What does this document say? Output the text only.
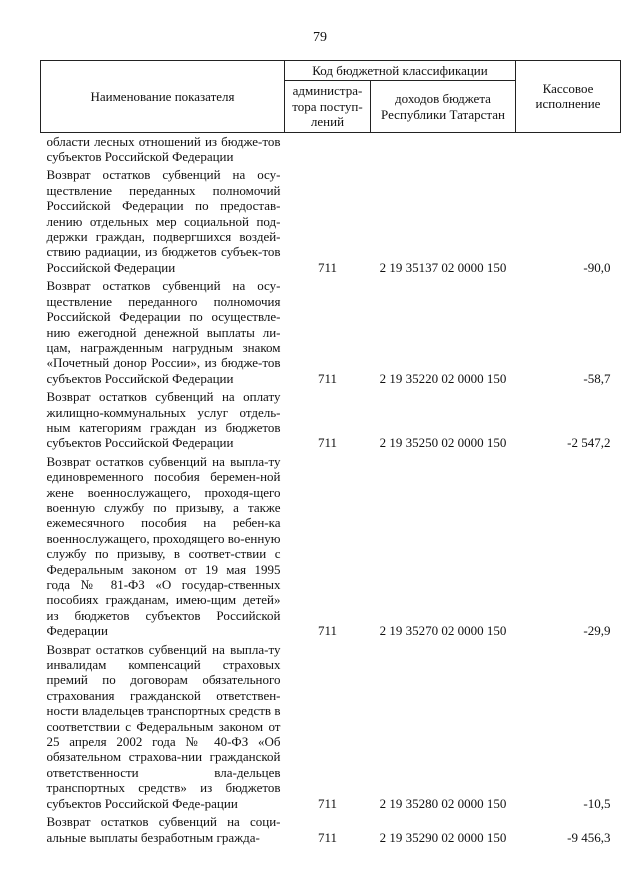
79
Наименование показателя	Код бюджетной классификации		Кассовое исполнение
	администра-тора поступ-лений	доходов бюджета Республики Татарстан	
области лесных отношений из бюдже-тов субъектов Российской Федерации			
Возврат остатков субвенций на осу-ществление переданных полномочий Российской Федерации по предостав-лению отдельных мер социальной под-держки граждан, подвергшихся воздей-ствию радиации, из бюджетов субъек-тов Российской Федерации	711	2 19 35137 02 0000 150	-90,0
Возврат остатков субвенций на осу-ществление переданного полномочия Российской Федерации по осуществле-нию ежегодной денежной выплаты ли-цам, награжденным нагрудным знаком «Почетный донор России», из бюдже-тов субъектов Российской Федерации	711	2 19 35220 02 0000 150	-58,7
Возврат остатков субвенций на оплату жилищно-коммунальных услуг отдель-ным категориям граждан из бюджетов субъектов Российской Федерации	711	2 19 35250 02 0000 150	-2 547,2
Возврат остатков субвенций на выпла-ту единовременного пособия беремен-ной жене военнослужащего, проходя-щего военную службу по призыву, а также ежемесячного пособия на ребен-ка военнослужащего, проходящего во-енную службу по призыву, в соответ-ствии с Федеральным законом от 19 мая 1995 года № 81-ФЗ «О государ-ственных пособиях гражданам, имею-щим детей» из бюджетов субъектов Российской Федерации	711	2 19 35270 02 0000 150	-29,9
Возврат остатков субвенций на выпла-ту инвалидам компенсаций страховых премий по договорам обязательного страхования гражданской ответствен-ности владельцев транспортных средств в соответствии с Федеральным законом от 25 апреля 2002 года № 40-ФЗ «Об обязательном страхова-нии гражданской ответственности вла-дельцев транспортных средств» из бюджетов субъектов Российской Феде-рации	711	2 19 35280 02 0000 150	-10,5
Возврат остатков субвенций на соци-альные выплаты безработным гражда-	711	2 19 35290 02 0000 150	-9 456,3
